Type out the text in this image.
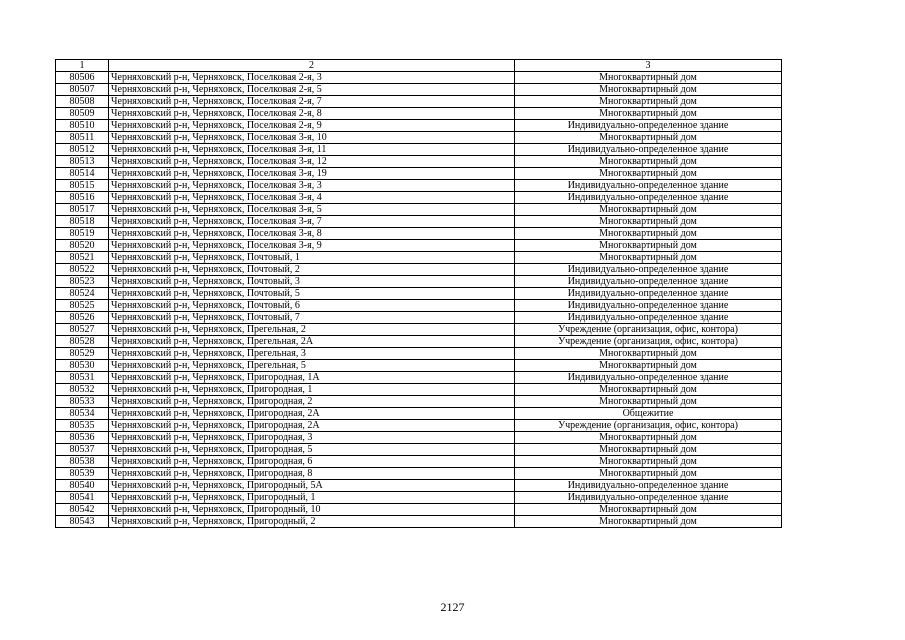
1	2	3
80506	Черняховский р-н, Черняховск, Поселковая 2-я, 3	Многоквартирный дом
80507	Черняховский р-н, Черняховск, Поселковая 2-я, 5	Многоквартирный дом
80508	Черняховский р-н, Черняховск, Поселковая 2-я, 7	Многоквартирный дом
80509	Черняховский р-н, Черняховск, Поселковая 2-я, 8	Многоквартирный дом
80510	Черняховский р-н, Черняховск, Поселковая 2-я, 9	Индивидуально-определенное здание
80511	Черняховский р-н, Черняховск, Поселковая 3-я, 10	Многоквартирный дом
80512	Черняховский р-н, Черняховск, Поселковая 3-я, 11	Индивидуально-определенное здание
80513	Черняховский р-н, Черняховск, Поселковая 3-я, 12	Многоквартирный дом
80514	Черняховский р-н, Черняховск, Поселковая 3-я, 19	Многоквартирный дом
80515	Черняховский р-н, Черняховск, Поселковая 3-я, 3	Индивидуально-определенное здание
80516	Черняховский р-н, Черняховск, Поселковая 3-я, 4	Индивидуально-определенное здание
80517	Черняховский р-н, Черняховск, Поселковая 3-я, 5	Многоквартирный дом
80518	Черняховский р-н, Черняховск, Поселковая 3-я, 7	Многоквартирный дом
80519	Черняховский р-н, Черняховск, Поселковая 3-я, 8	Многоквартирный дом
80520	Черняховский р-н, Черняховск, Поселковая 3-я, 9	Многоквартирный дом
80521	Черняховский р-н, Черняховск, Почтовый, 1	Многоквартирный дом
80522	Черняховский р-н, Черняховск, Почтовый, 2	Индивидуально-определенное здание
80523	Черняховский р-н, Черняховск, Почтовый, 3	Индивидуально-определенное здание
80524	Черняховский р-н, Черняховск, Почтовый, 5	Индивидуально-определенное здание
80525	Черняховский р-н, Черняховск, Почтовый, 6	Индивидуально-определенное здание
80526	Черняховский р-н, Черняховск, Почтовый, 7	Индивидуально-определенное здание
80527	Черняховский р-н, Черняховск, Прегельная, 2	Учреждение (организация, офис, контора)
80528	Черняховский р-н, Черняховск, Прегельная, 2А	Учреждение (организация, офис, контора)
80529	Черняховский р-н, Черняховск, Прегельная, 3	Многоквартирный дом
80530	Черняховский р-н, Черняховск, Прегельная, 5	Многоквартирный дом
80531	Черняховский р-н, Черняховск, Пригородная, 1А	Индивидуально-определенное здание
80532	Черняховский р-н, Черняховск, Пригородная, 1	Многоквартирный дом
80533	Черняховский р-н, Черняховск, Пригородная, 2	Многоквартирный дом
80534	Черняховский р-н, Черняховск, Пригородная, 2А	Общежитие
80535	Черняховский р-н, Черняховск, Пригородная, 2А	Учреждение (организация, офис, контора)
80536	Черняховский р-н, Черняховск, Пригородная, 3	Многоквартирный дом
80537	Черняховский р-н, Черняховск, Пригородная, 5	Многоквартирный дом
80538	Черняховский р-н, Черняховск, Пригородная, 6	Многоквартирный дом
80539	Черняховский р-н, Черняховск, Пригородная, 8	Многоквартирный дом
80540	Черняховский р-н, Черняховск, Пригородный, 5А	Индивидуально-определенное здание
80541	Черняховский р-н, Черняховск, Пригородный, 1	Индивидуально-определенное здание
80542	Черняховский р-н, Черняховск, Пригородный, 10	Многоквартирный дом
80543	Черняховский р-н, Черняховск, Пригородный, 2	Многоквартирный дом
2127
